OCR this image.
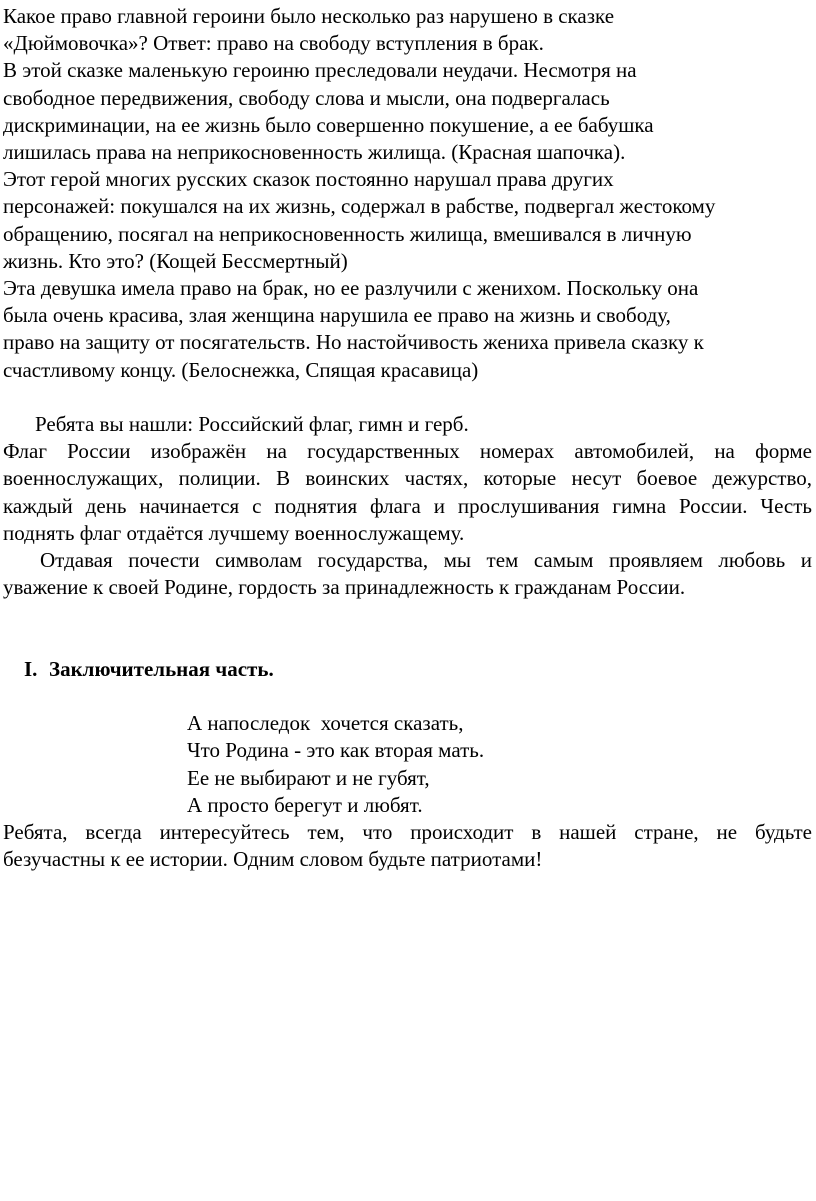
Какое право главной героини было несколько раз нарушено в сказке
«Дюймовочка»? Ответ: право на свободу вступления в брак.
В этой сказке маленькую героиню преследовали неудачи. Несмотря на
свободное передвижения, свободу слова и мысли, она подвергалась
дискриминации, на ее жизнь было совершенно покушение, а ее бабушка
лишилась права на неприкосновенность жилища. (Красная шапочка).
Этот герой многих русских сказок постоянно нарушал права других
персонажей: покушался на их жизнь, содержал в рабстве, подвергал жестокому
обращению, посягал на неприкосновенность жилища, вмешивался в личную
жизнь. Кто это? (Кощей Бессмертный)
Эта девушка имела право на брак, но ее разлучили с женихом. Поскольку она
была очень красива, злая женщина нарушила ее право на жизнь и свободу,
право на защиту от посягательств. Но настойчивость жениха привела сказку к
счастливому концу. (Белоснежка, Спящая красавица)
Ребята вы нашли: Российский флаг, гимн и герб.
Флаг России изображён на государственных номерах автомобилей, на форме
военнослужащих, полиции. В воинских частях, которые несут боевое дежурство,
каждый день начинается с поднятия флага и прослушивания гимна России. Честь
поднять флаг отдаётся лучшему военнослужащему.
Отдавая почести символам государства, мы тем самым проявляем любовь и
уважение к своей Родине, гордость за принадлежность к гражданам России.

I. Заключительная часть.

А напоследок  хочется сказать,
Что Родина - это как вторая мать.
Ее не выбирают и не губят,
А просто берегут и любят.
Ребята, всегда интересуйтесь тем, что происходит в нашей стране, не будьте
безучастны к ее истории. Одним словом будьте патриотами!
